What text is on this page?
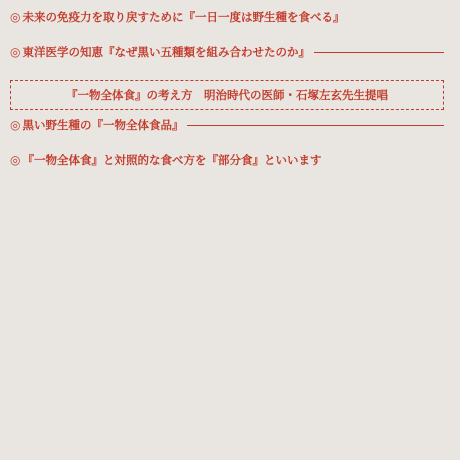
◎ 未来の免疫力を取り戻すために『一日一度は野生種を食べる』
◎ 東洋医学の知恵『なぜ黒い五種類を組み合わせたのか』
『一物全体食』の考え方　明治時代の医師・石塚左玄先生提唱
◎ 黒い野生種の『一物全体食品』
◎ 『一物全体食』と対照的な食べ方を『部分食』といいます
